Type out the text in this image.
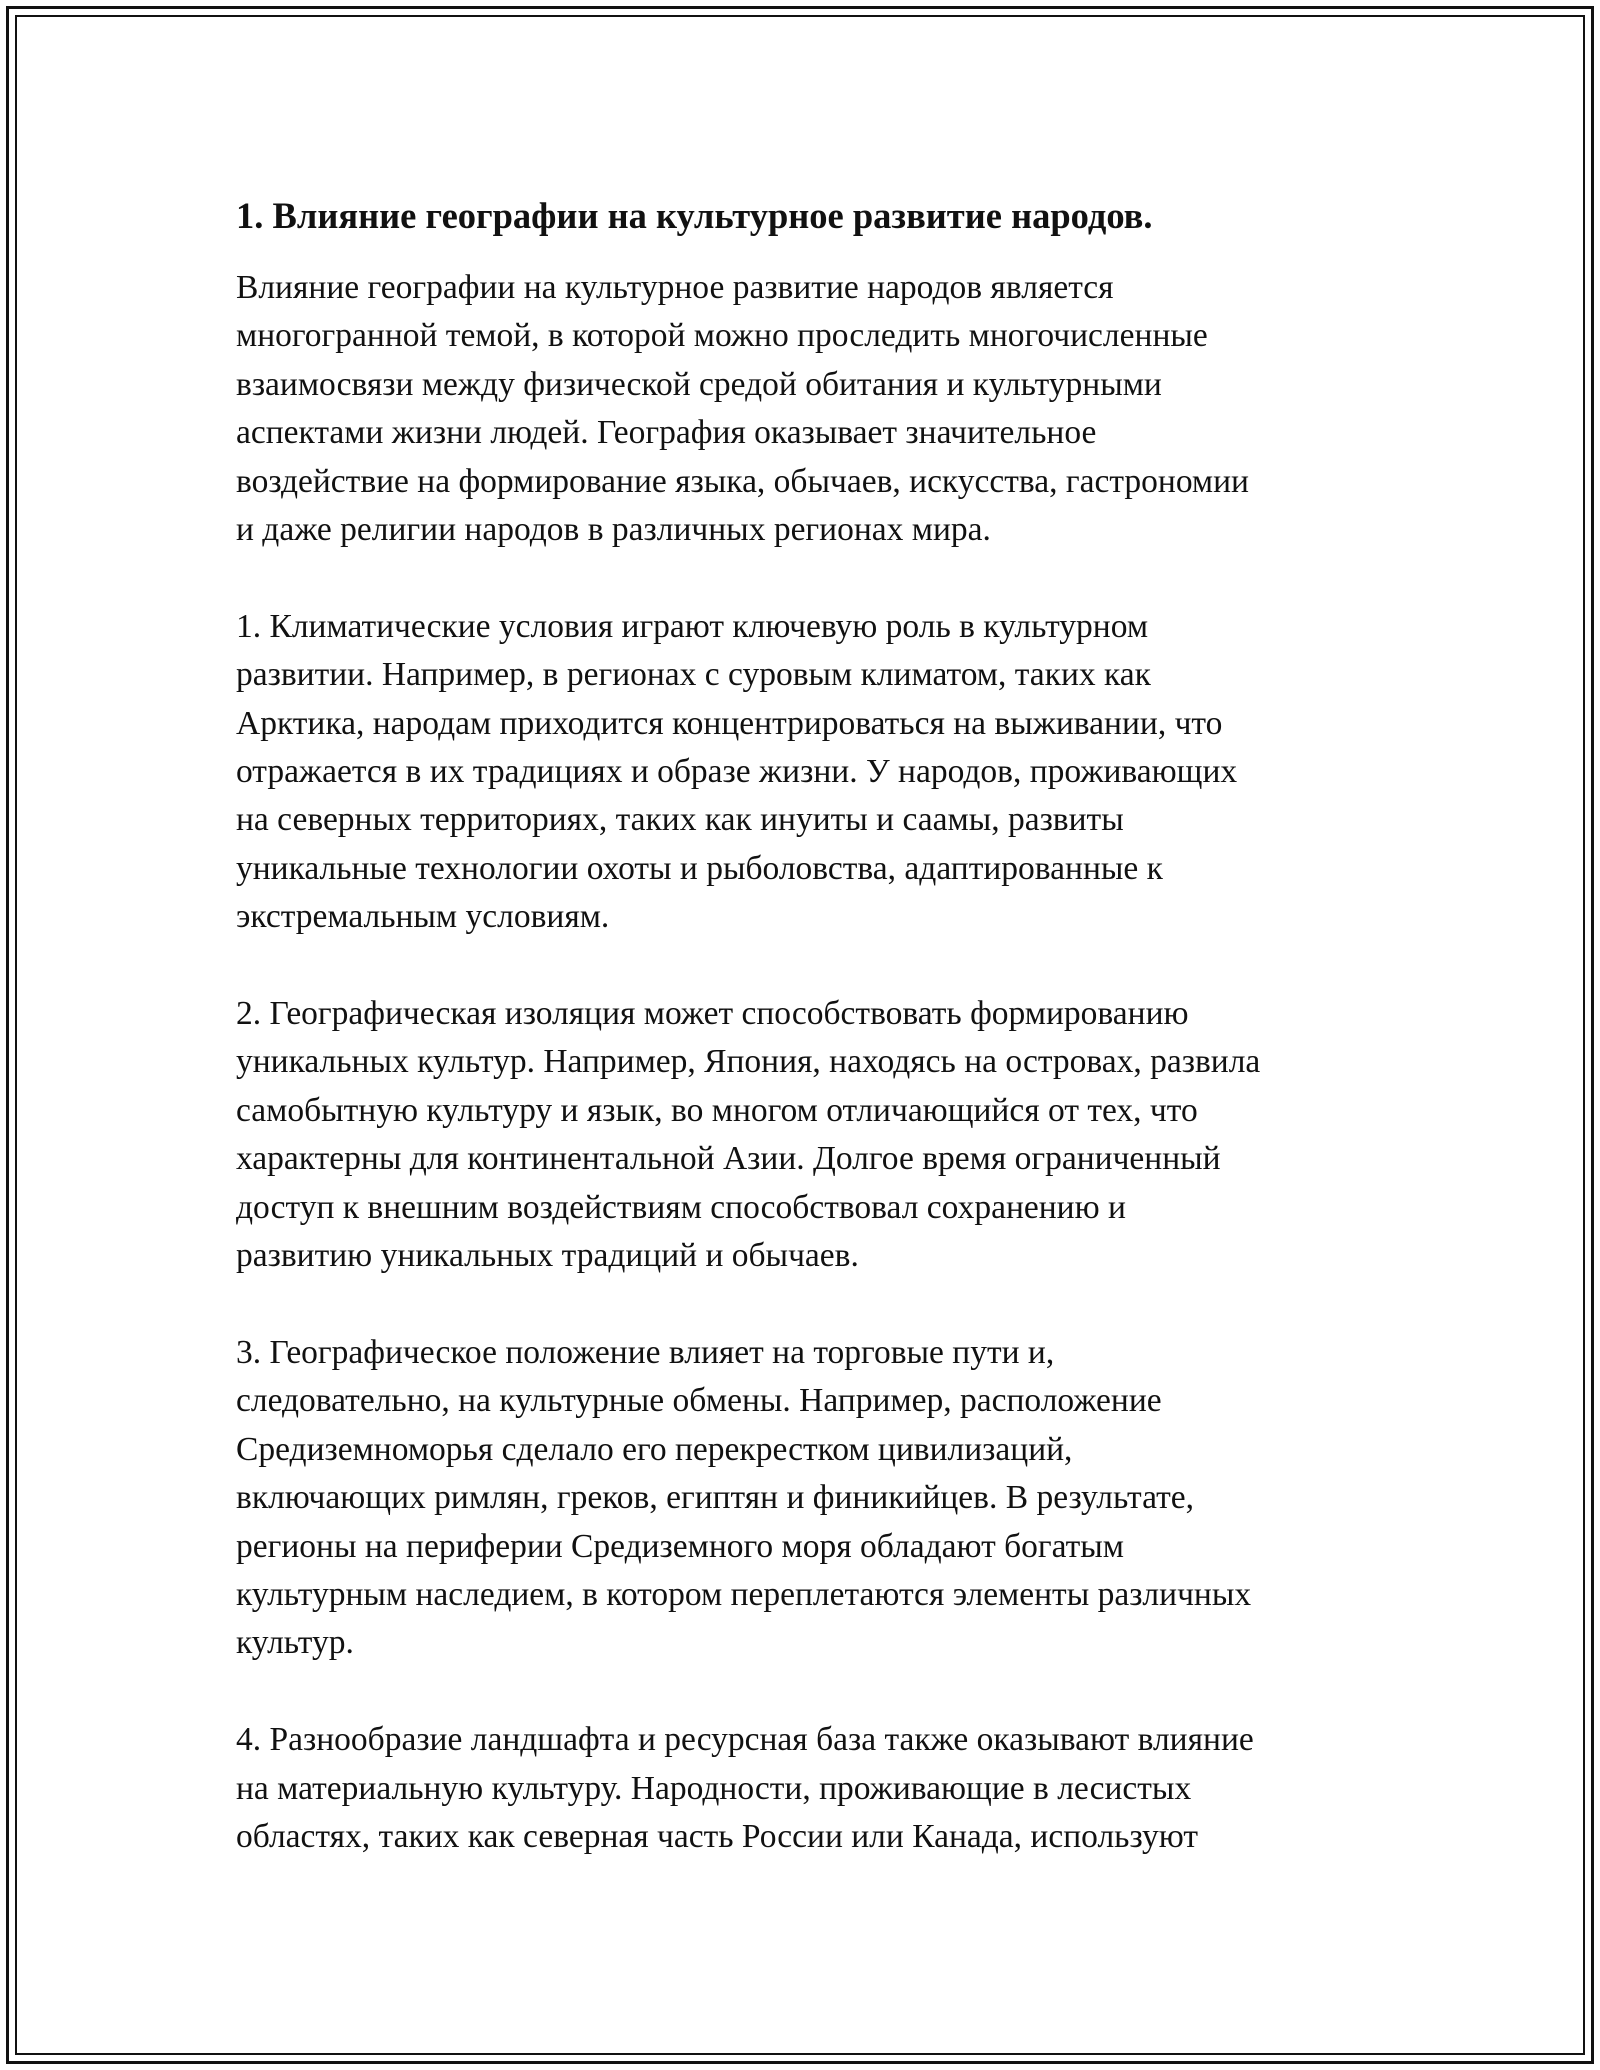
1. Влияние географии на культурное развитие народов.

Влияние географии на культурное развитие народов является
многогранной темой, в которой можно проследить многочисленные
взаимосвязи между физической средой обитания и культурными
аспектами жизни людей. География оказывает значительное
воздействие на формирование языка, обычаев, искусства, гастрономии
и даже религии народов в различных регионах мира.

1. Климатические условия играют ключевую роль в культурном
развитии. Например, в регионах с суровым климатом, таких как
Арктика, народам приходится концентрироваться на выживании, что
отражается в их традициях и образе жизни. У народов, проживающих
на северных территориях, таких как инуиты и саамы, развиты
уникальные технологии охоты и рыболовства, адаптированные к
экстремальным условиям.

2. Географическая изоляция может способствовать формированию
уникальных культур. Например, Япония, находясь на островах, развила
самобытную культуру и язык, во многом отличающийся от тех, что
характерны для континентальной Азии. Долгое время ограниченный
доступ к внешним воздействиям способствовал сохранению и
развитию уникальных традиций и обычаев.

3. Географическое положение влияет на торговые пути и,
следовательно, на культурные обмены. Например, расположение
Средиземноморья сделало его перекрестком цивилизаций,
включающих римлян, греков, египтян и финикийцев. В результате,
регионы на периферии Средиземного моря обладают богатым
культурным наследием, в котором переплетаются элементы различных
культур.

4. Разнообразие ландшафта и ресурсная база также оказывают влияние
на материальную культуру. Народности, проживающие в лесистых
областях, таких как северная часть России или Канада, используют
